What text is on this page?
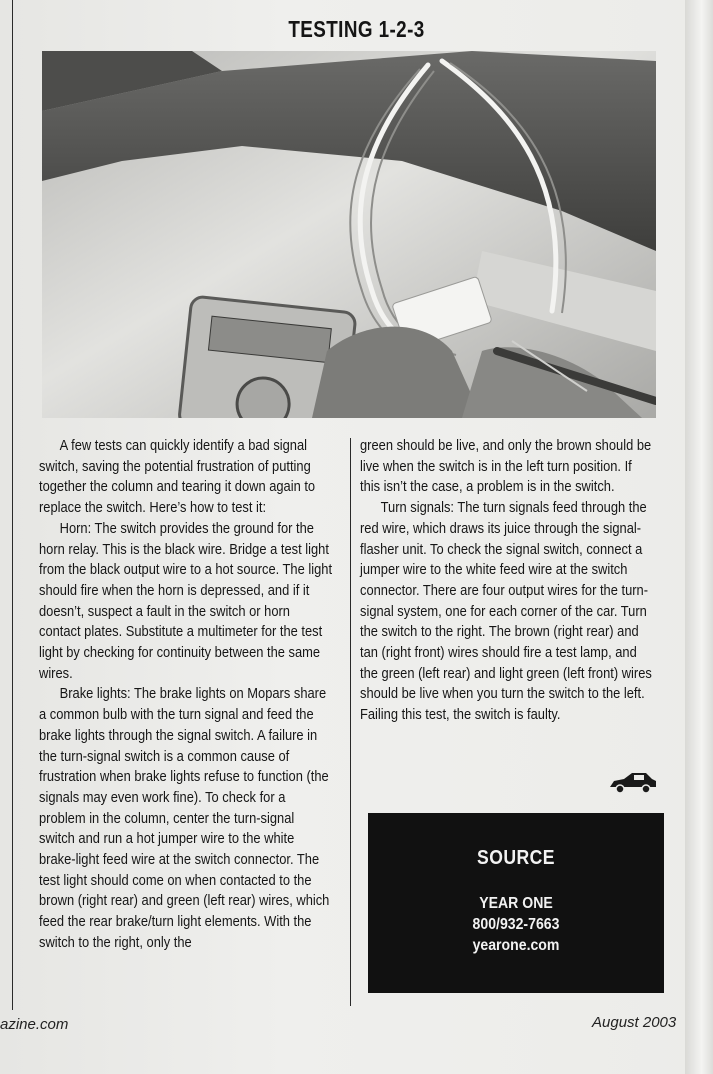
TESTING 1-2-3

A few tests can quickly identify a bad signal switch, saving the potential frustration of putting together the column and tearing it down again to replace the switch. Here’s how to test it:

Horn: The switch provides the ground for the horn relay. This is the black wire. Bridge a test light from the black output wire to a hot source. The light should fire when the horn is depressed, and if it doesn’t, suspect a fault in the switch or horn contact plates. Substitute a multimeter for the test light by checking for continuity between the same wires.

Brake lights: The brake lights on Mopars share a common bulb with the turn signal and feed the brake lights through the signal switch. A failure in the turn-signal switch is a common cause of frustration when brake lights refuse to function (the signals may even work fine). To check for a problem in the column, center the turn-signal switch and run a hot jumper wire to the white brake-light feed wire at the switch connector. The test light should come on when contacted to the brown (right rear) and green (left rear) wires, which feed the rear brake/turn light elements. With the switch to the right, only the

green should be live, and only the brown should be live when the switch is in the left turn position. If this isn’t the case, a problem is in the switch.

Turn signals: The turn signals feed through the red wire, which draws its juice through the signal-flasher unit. To check the signal switch, connect a jumper wire to the white feed wire at the switch connector. There are four output wires for the turn-signal system, one for each corner of the car. Turn the switch to the right. The brown (right rear) and tan (right front) wires should fire a test lamp, and the green (left rear) and light green (left front) wires should be live when you turn the switch to the left. Failing this test, the switch is faulty.

SOURCE
YEAR ONE
800/932-7663
yearone.com
azine.com	August 2003
